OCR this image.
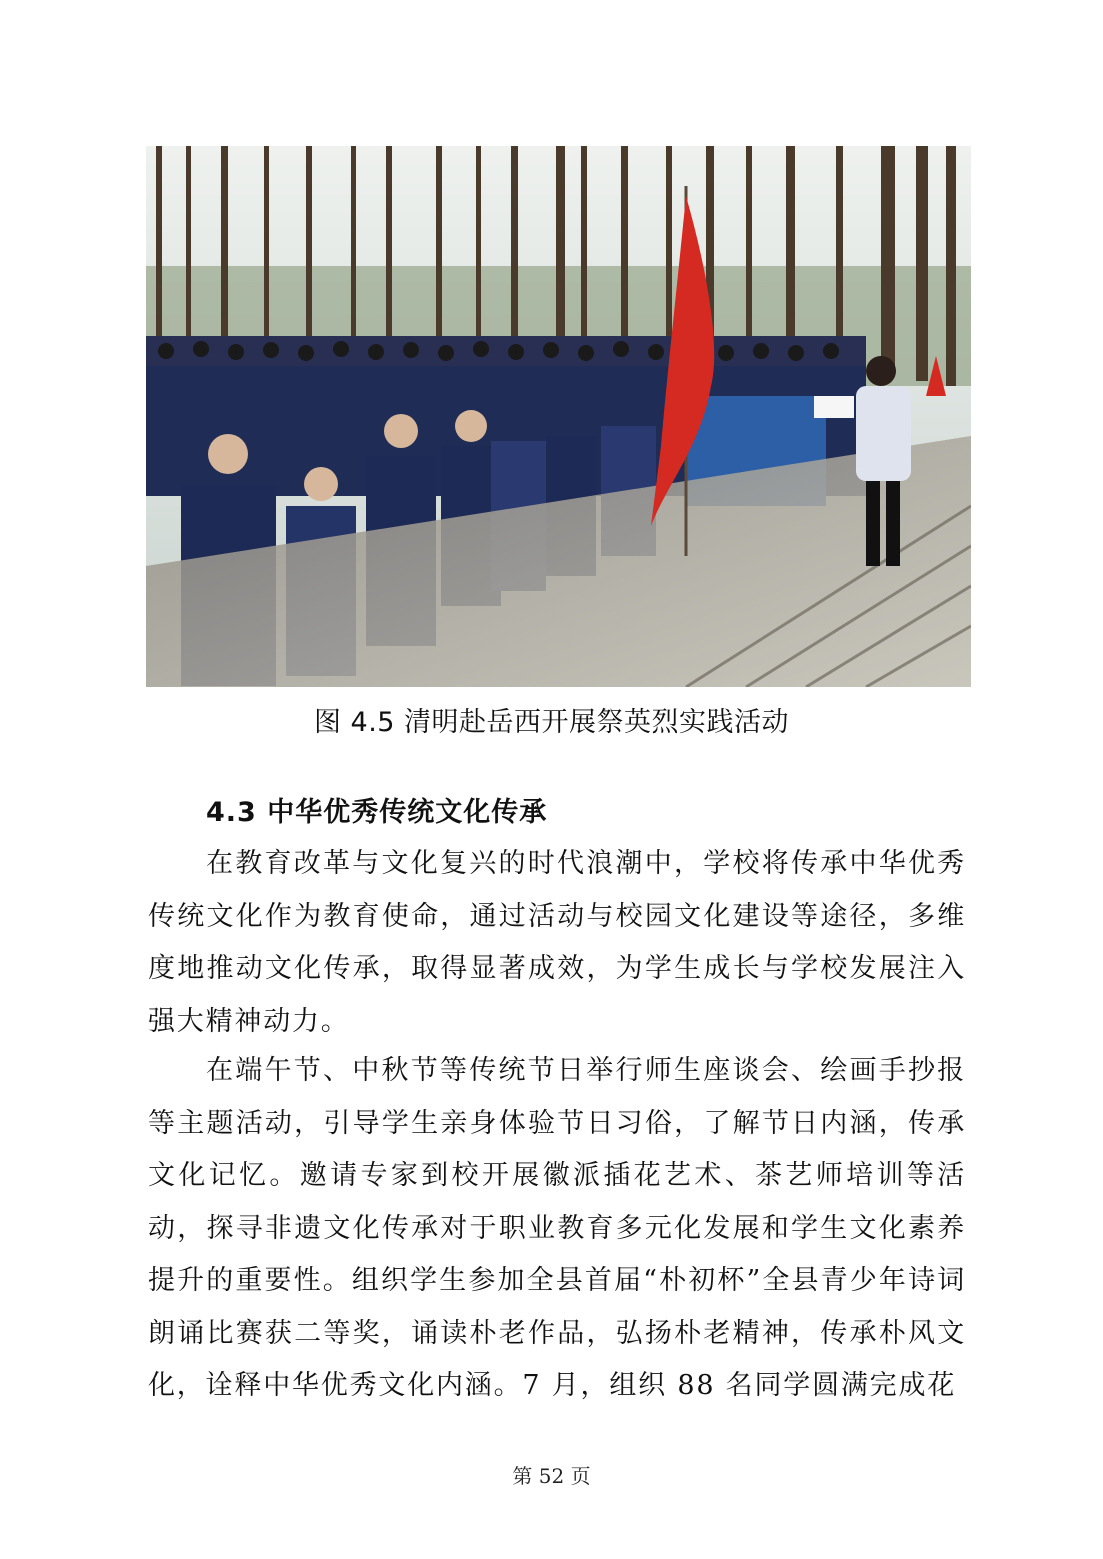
图 4.5 清明赴岳西开展祭英烈实践活动
4.3 中华优秀传统文化传承

在教育改革与文化复兴的时代浪潮中，学校将传承中华优秀传统文化作为教育使命，通过活动与校园文化建设等途径，多维度地推动文化传承，取得显著成效，为学生成长与学校发展注入强大精神动力。

在端午节、中秋节等传统节日举行师生座谈会、绘画手抄报等主题活动，引导学生亲身体验节日习俗，了解节日内涵，传承文化记忆。邀请专家到校开展徽派插花艺术、茶艺师培训等活动，探寻非遗文化传承对于职业教育多元化发展和学生文化素养提升的重要性。组织学生参加全县首届“朴初杯”全县青少年诗词朗诵比赛获二等奖，诵读朴老作品，弘扬朴老精神，传承朴风文化，诠释中华优秀文化内涵。7 月，组织 88 名同学圆满完成花

第 52 页
